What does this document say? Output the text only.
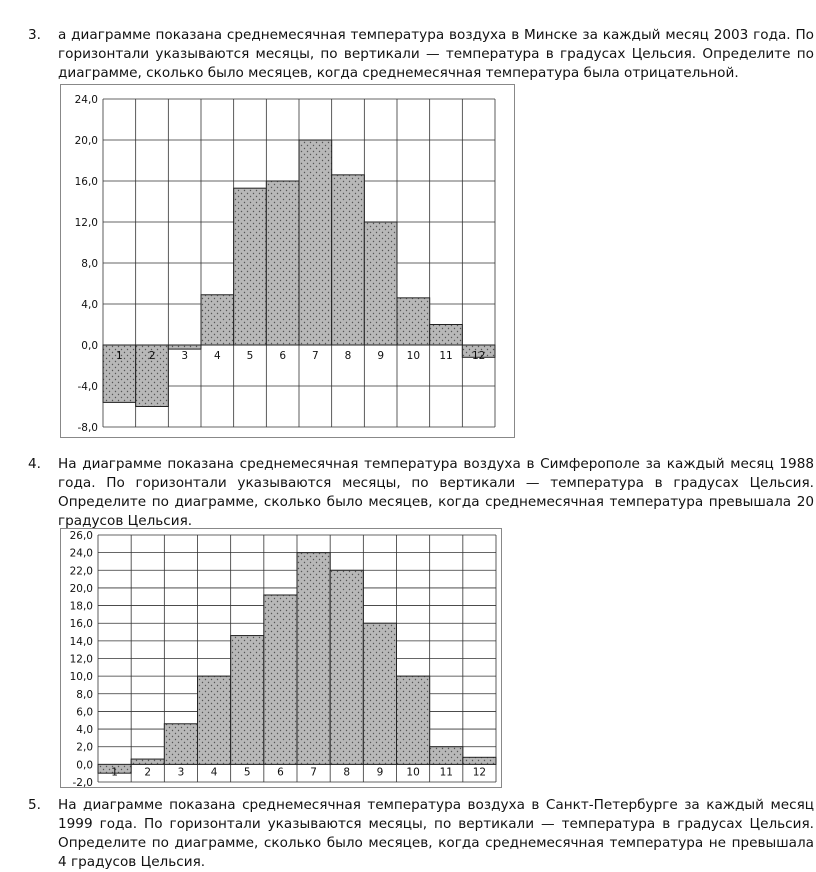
3. а диаграмме показана среднемесячная температура воздуха в Минске за каждый месяц 2003 года. По горизонтали указываются месяцы, по вертикали — температура в градусах Цельсия. Определите по диаграмме, сколько было месяцев, когда среднемесячная температура была отрицательной.
24,0
20,0
16,0
12,0
8,0
4,0
0,0
-4,0
-8,0
1 2 3 4 5 6 7 8 9 10 11 12
4. На диаграмме показана среднемесячная температура воздуха в Симферополе за каждый месяц 1988 года. По горизонтали указываются месяцы, по вертикали — температура в градусах Цельсия. Определите по диаграмме, сколько было месяцев, когда среднемесячная температура превышала 20 градусов Цельсия.
26,0
24,0
22,0
20,0
18,0
16,0
14,0
12,0
10,0
8,0
6,0
4,0
2,0
0,0
-2,0
1	2	3	4	5	6	7	8	9 10 11 12
5. На диаграмме показана среднемесячная температура воздуха в Санкт-Петербурге за каждый месяц 1999 года. По горизонтали указываются месяцы, по вертикали — температура в градусах Цельсия. Определите по диаграмме, сколько было месяцев, когда среднемесячная температура не превышала 4 градусов Цельсия.
